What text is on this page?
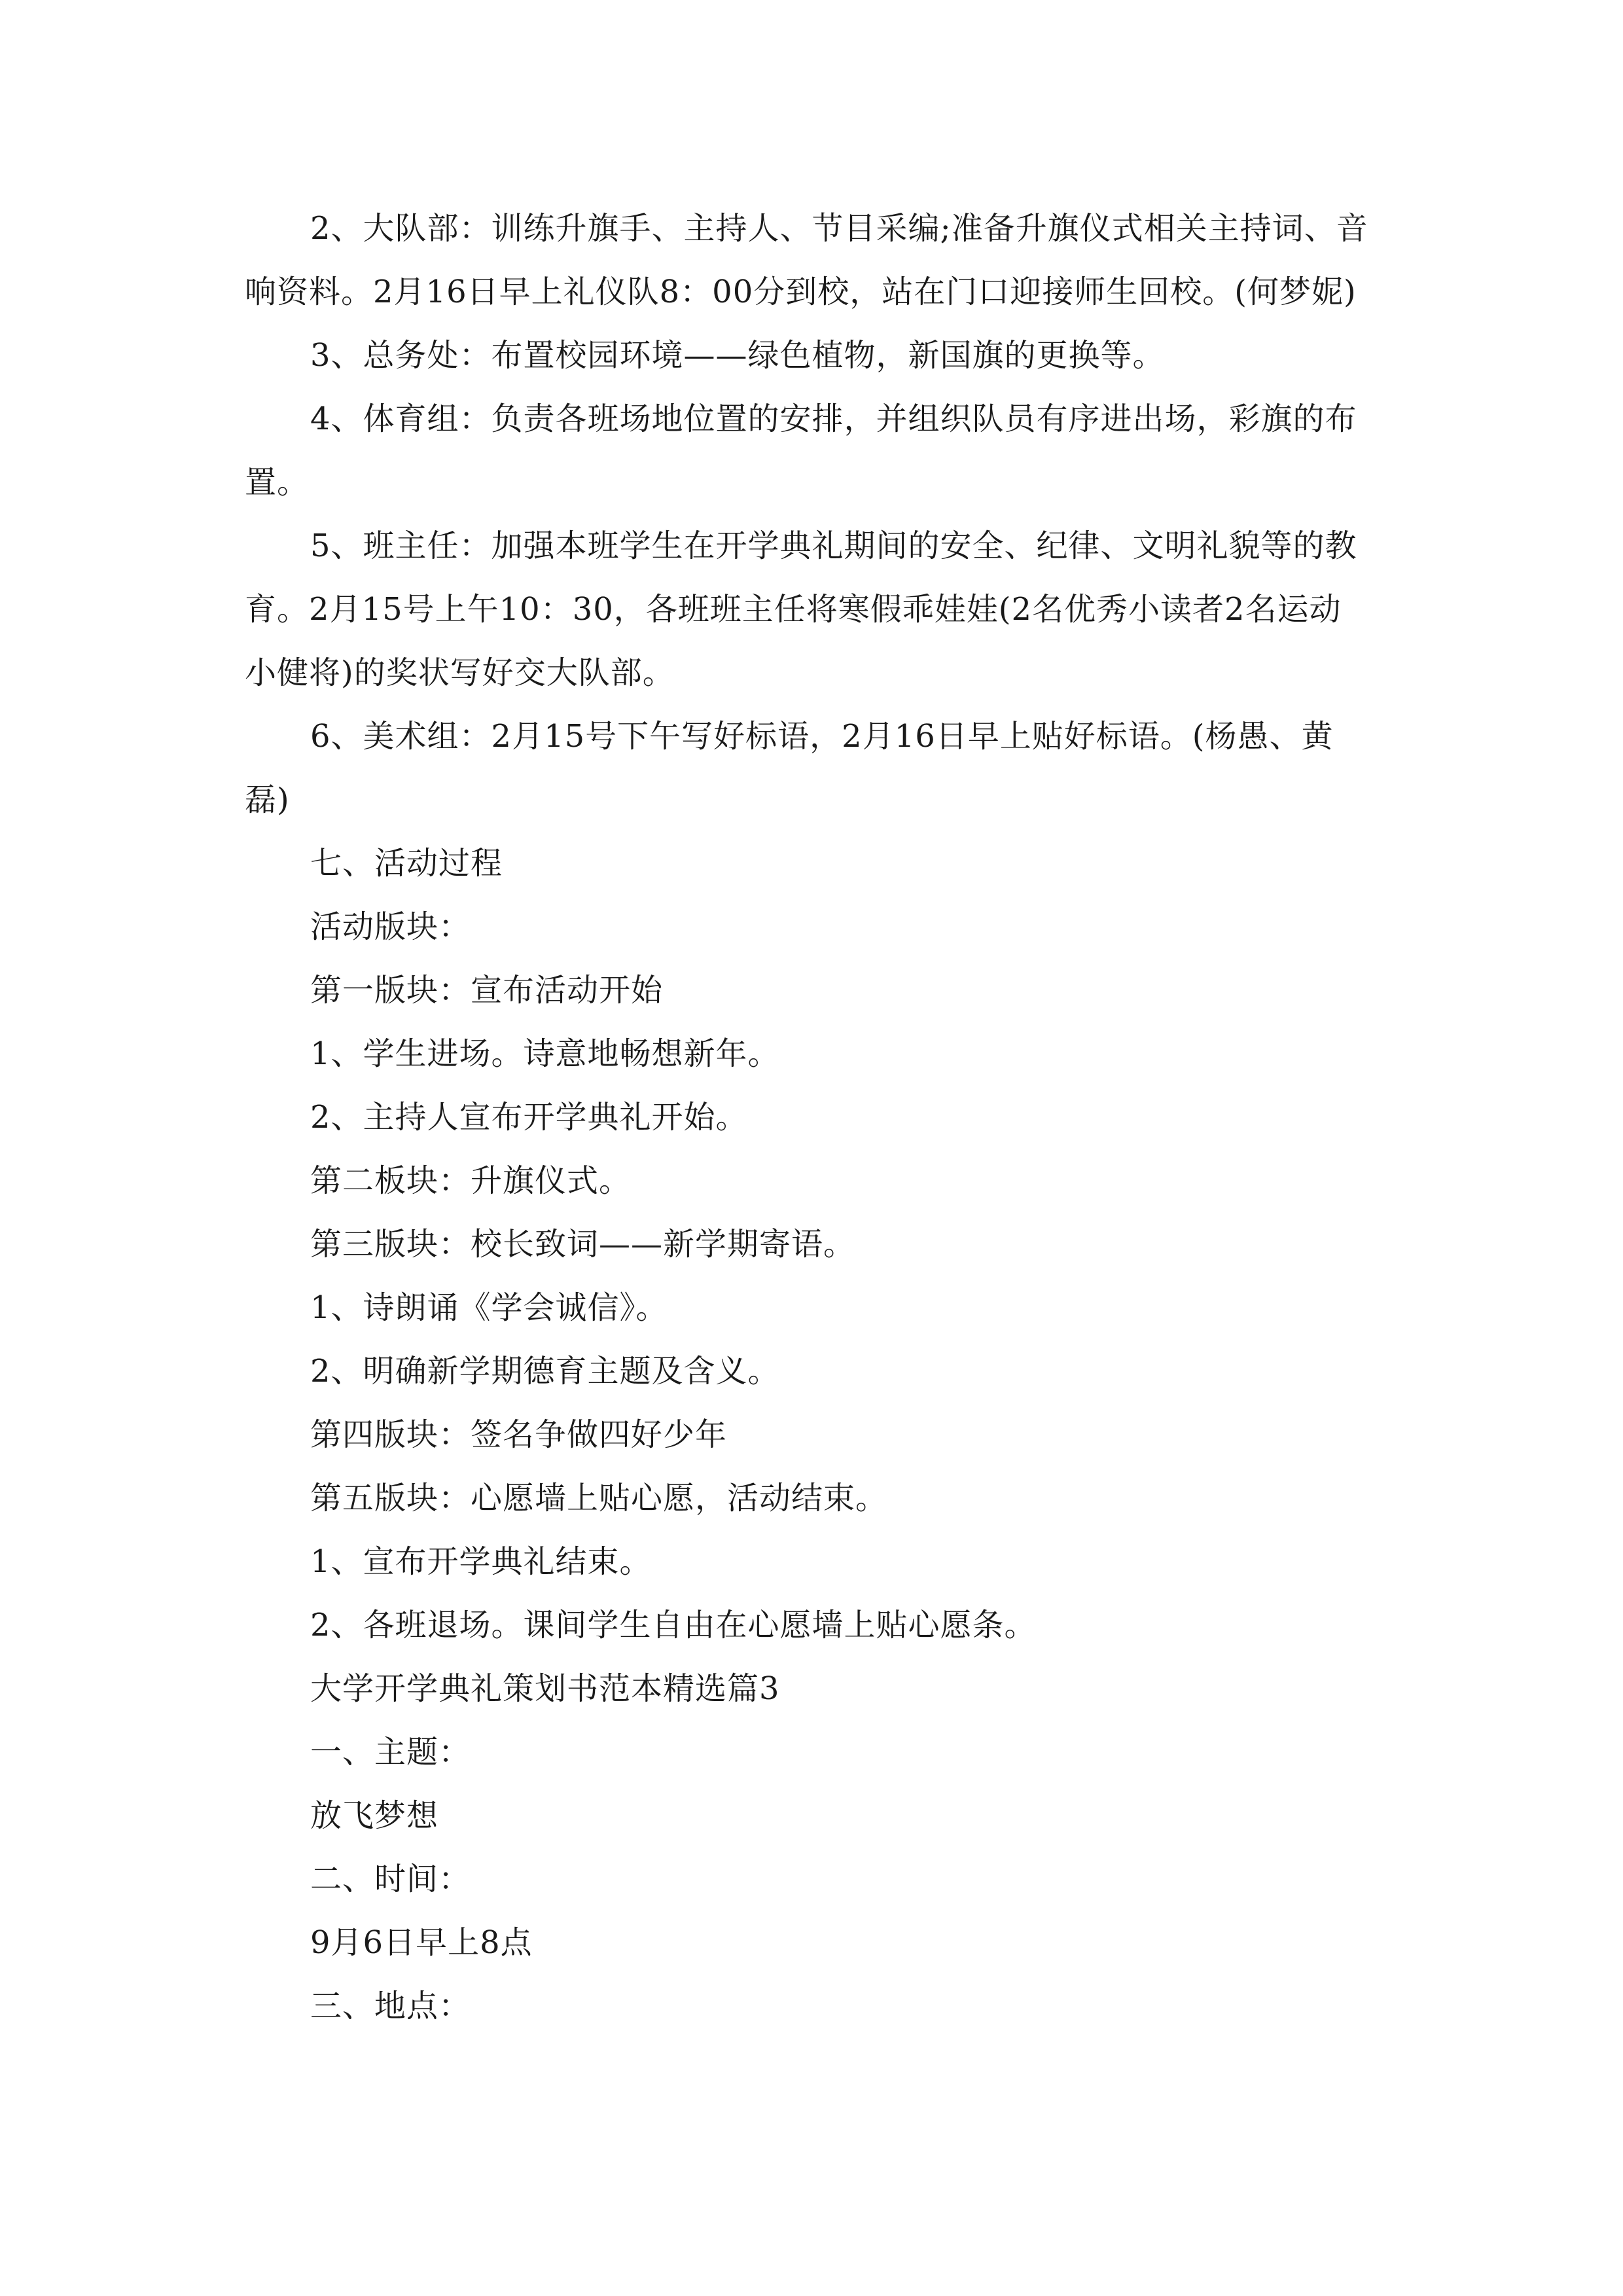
2、大队部：训练升旗手、主持人、节目采编;准备升旗仪式相关主持词、音

响资料。2月16日早上礼仪队8：00分到校，站在门口迎接师生回校。(何梦妮)

3、总务处：布置校园环境——绿色植物，新国旗的更换等。

4、体育组：负责各班场地位置的安排，并组织队员有序进出场，彩旗的布

置。

5、班主任：加强本班学生在开学典礼期间的安全、纪律、文明礼貌等的教

育。2月15号上午10：30，各班班主任将寒假乖娃娃(2名优秀小读者2名运动

小健将)的奖状写好交大队部。

6、美术组：2月15号下午写好标语，2月16日早上贴好标语。(杨愚、黄

磊)

七、活动过程

活动版块：

第一版块：宣布活动开始

1、学生进场。诗意地畅想新年。

2、主持人宣布开学典礼开始。

第二板块：升旗仪式。

第三版块：校长致词——新学期寄语。

1、诗朗诵《学会诚信》。

2、明确新学期德育主题及含义。

第四版块：签名争做四好少年

第五版块：心愿墙上贴心愿，活动结束。

1、宣布开学典礼结束。

2、各班退场。课间学生自由在心愿墙上贴心愿条。

大学开学典礼策划书范本精选篇3

一、主题：

放飞梦想

二、时间：

9月6日早上8点

三、地点：
